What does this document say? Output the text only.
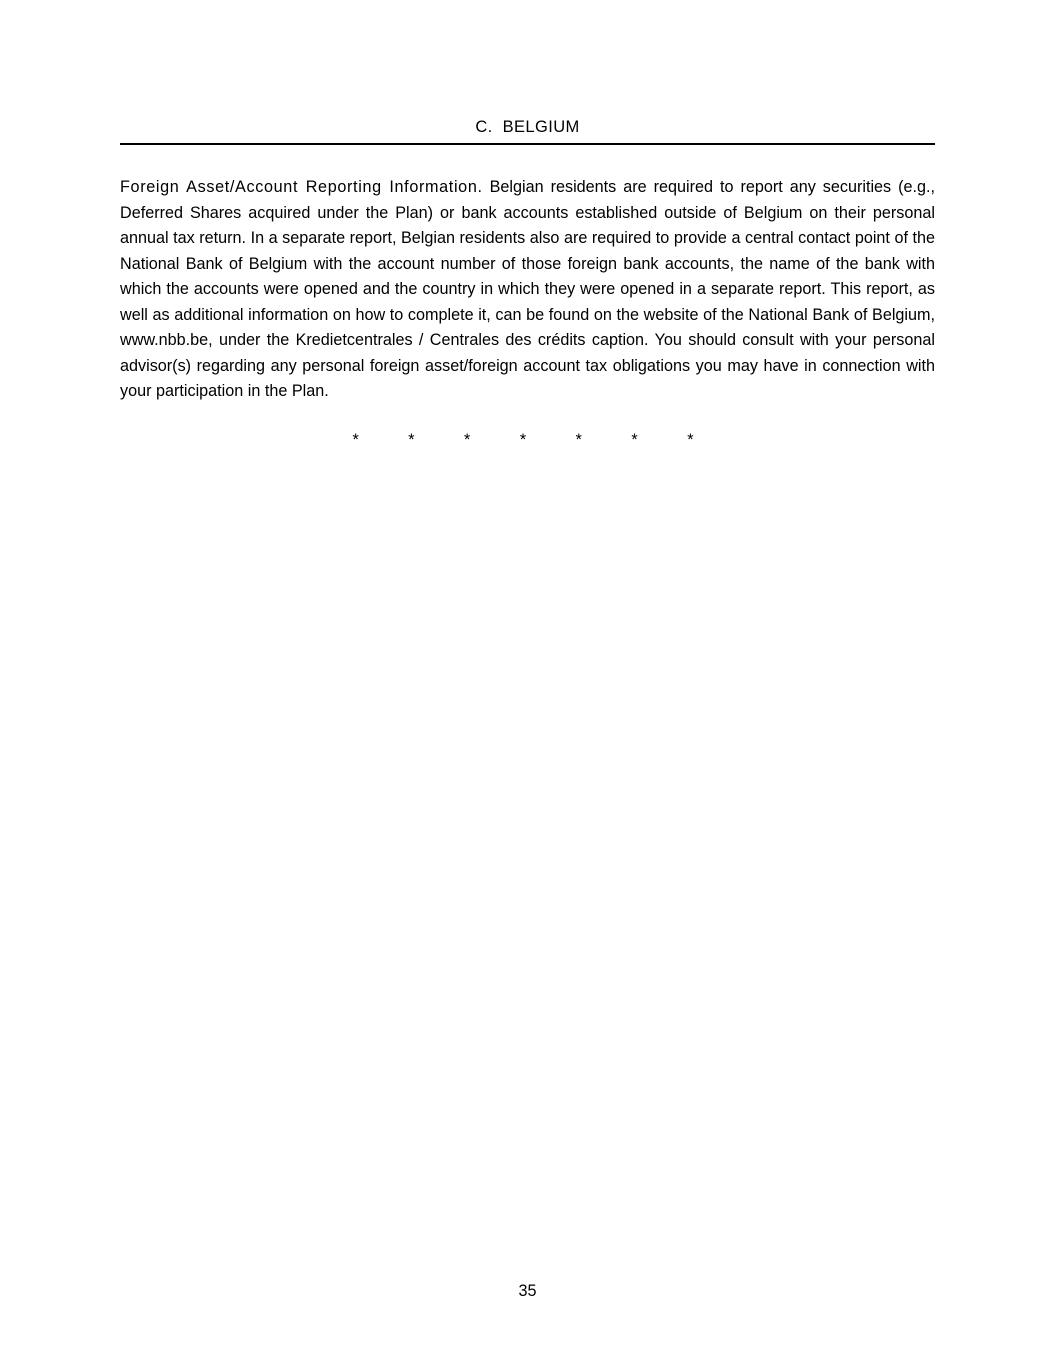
C.  BELGIUM

Foreign Asset/Account Reporting Information. Belgian residents are required to report any securities (e.g., Deferred Shares acquired under the Plan) or bank accounts established outside of Belgium on their personal annual tax return. In a separate report, Belgian residents also are required to provide a central contact point of the National Bank of Belgium with the account number of those foreign bank accounts, the name of the bank with which the accounts were opened and the country in which they were opened in a separate report. This report, as well as additional information on how to complete it, can be found on the website of the National Bank of Belgium, www.nbb.be, under the Kredietcentrales / Centrales des crédits caption. You should consult with your personal advisor(s) regarding any personal foreign asset/foreign account tax obligations you may have in connection with your participation in the Plan.

*   *   *   *   *   *   *
35
